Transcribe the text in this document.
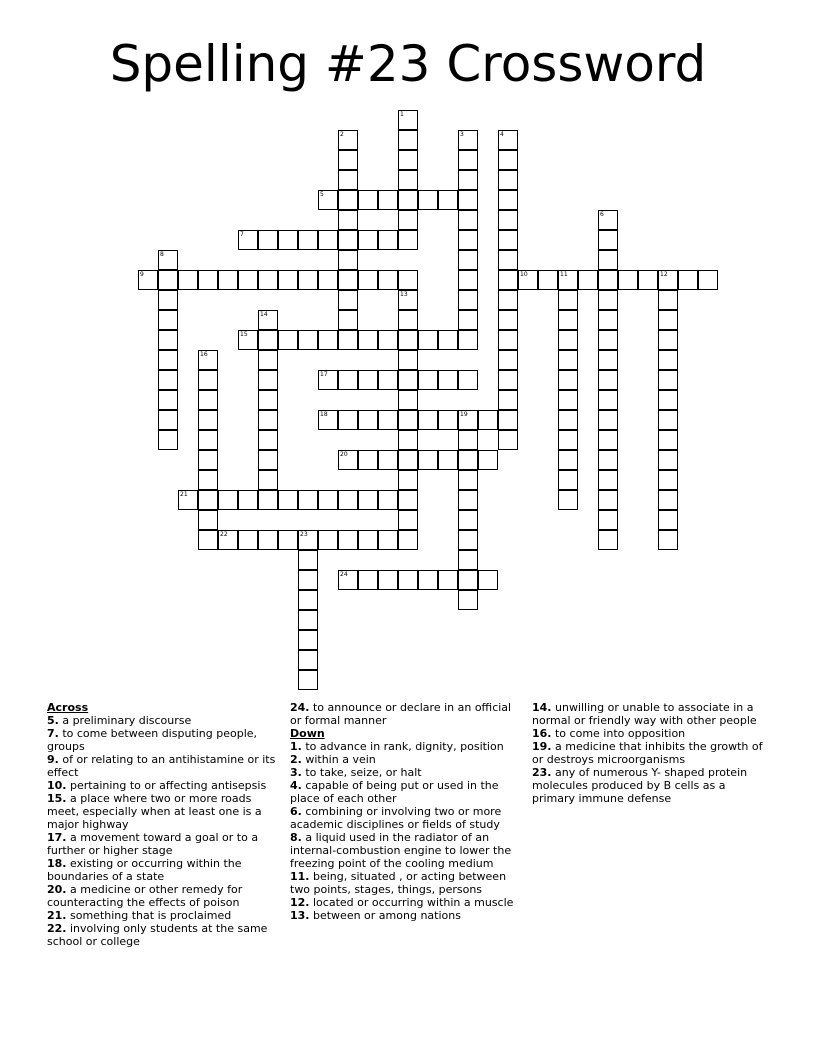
Spelling #23 Crossword
5
7
9	10	11	12
15
17
18	19
20
21
22	23
24
1
2	3	4
6
8
13
14
16
Across
5. a preliminary discourse
7. to come between disputing people, groups
9. of or relating to an antihistamine or its effect
10. pertaining to or affecting antisepsis
15. a place where two or more roads meet, especially when at least one is a major highway
17. a movement toward a goal or to a further or higher stage
18. existing or occurring within the boundaries of a state
20. a medicine or other remedy for counteracting the effects of poison
21. something that is proclaimed
22. involving only students at the same school or college
24. to announce or declare in an official or formal manner
Down
1. to advance in rank, dignity, position
2. within a vein
3. to take, seize, or halt
4. capable of being put or used in the place of each other
6. combining or involving two or more academic disciplines or fields of study
8. a liquid used in the radiator of an internal-combustion engine to lower the freezing point of the cooling medium
11. being, situated , or acting between two points, stages, things, persons
12. located or occurring within a muscle
13. between or among nations
14. unwilling or unable to associate in a normal or friendly way with other people
16. to come into opposition
19. a medicine that inhibits the growth of or destroys microorganisms
23. any of numerous Y- shaped protein molecules produced by B cells as a primary immune defense
